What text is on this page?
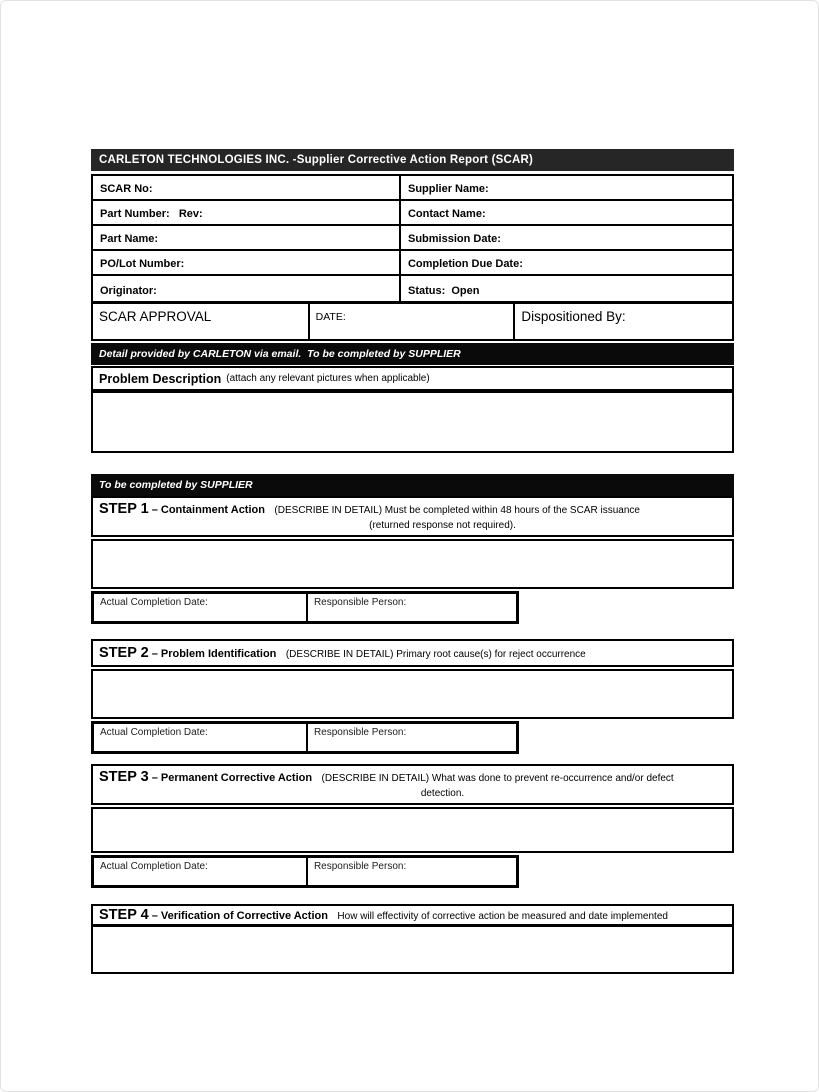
CARLETON TECHNOLOGIES INC. -Supplier Corrective Action Report (SCAR)
SCAR No:	Supplier Name:
Part Number:   Rev:	Contact Name:
Part Name:	Submission Date:
PO/Lot Number:	Completion Due Date:
Originator:	Status:  Open
SCAR APPROVAL	DATE:	Dispositioned By:
Detail provided by CARLETON via email.  To be completed by SUPPLIER
Problem Description (attach any relevant pictures when applicable)
To be completed by SUPPLIER
STEP 1 – Containment Action (DESCRIBE IN DETAIL) Must be completed within 48 hours of the SCAR issuance
(returned response not required).
Actual Completion Date:	Responsible Person:
STEP 2 – Problem Identification (DESCRIBE IN DETAIL) Primary root cause(s) for reject occurrence
Actual Completion Date:	Responsible Person:
STEP 3 – Permanent Corrective Action (DESCRIBE IN DETAIL) What was done to prevent re-occurrence and/or defect
detection.
Actual Completion Date:	Responsible Person:
STEP 4 – Verification of Corrective Action How will effectivity of corrective action be measured and date implemented
